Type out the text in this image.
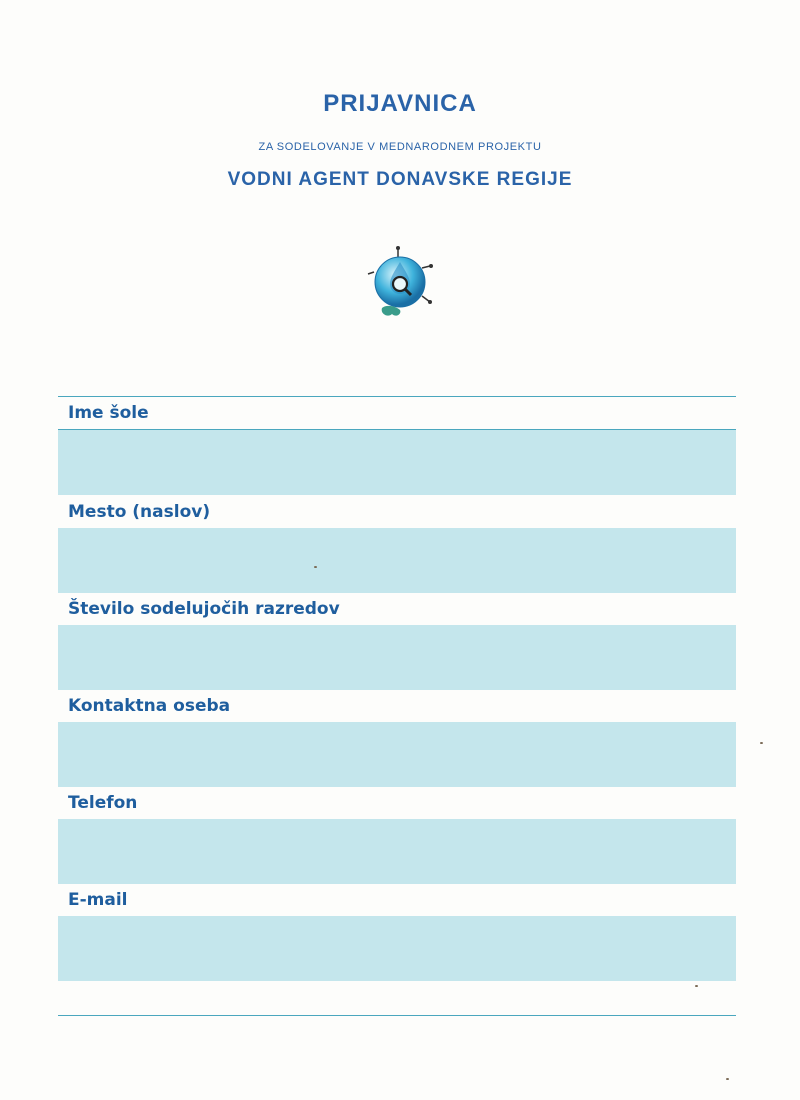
PRIJAVNICA
ZA SODELOVANJE V MEDNARODNEM PROJEKTU
VODNI AGENT DONAVSKE REGIJE
Ime šole
Mesto (naslov)
Število sodelujočih razredov
Kontaktna oseba
Telefon
E-mail
